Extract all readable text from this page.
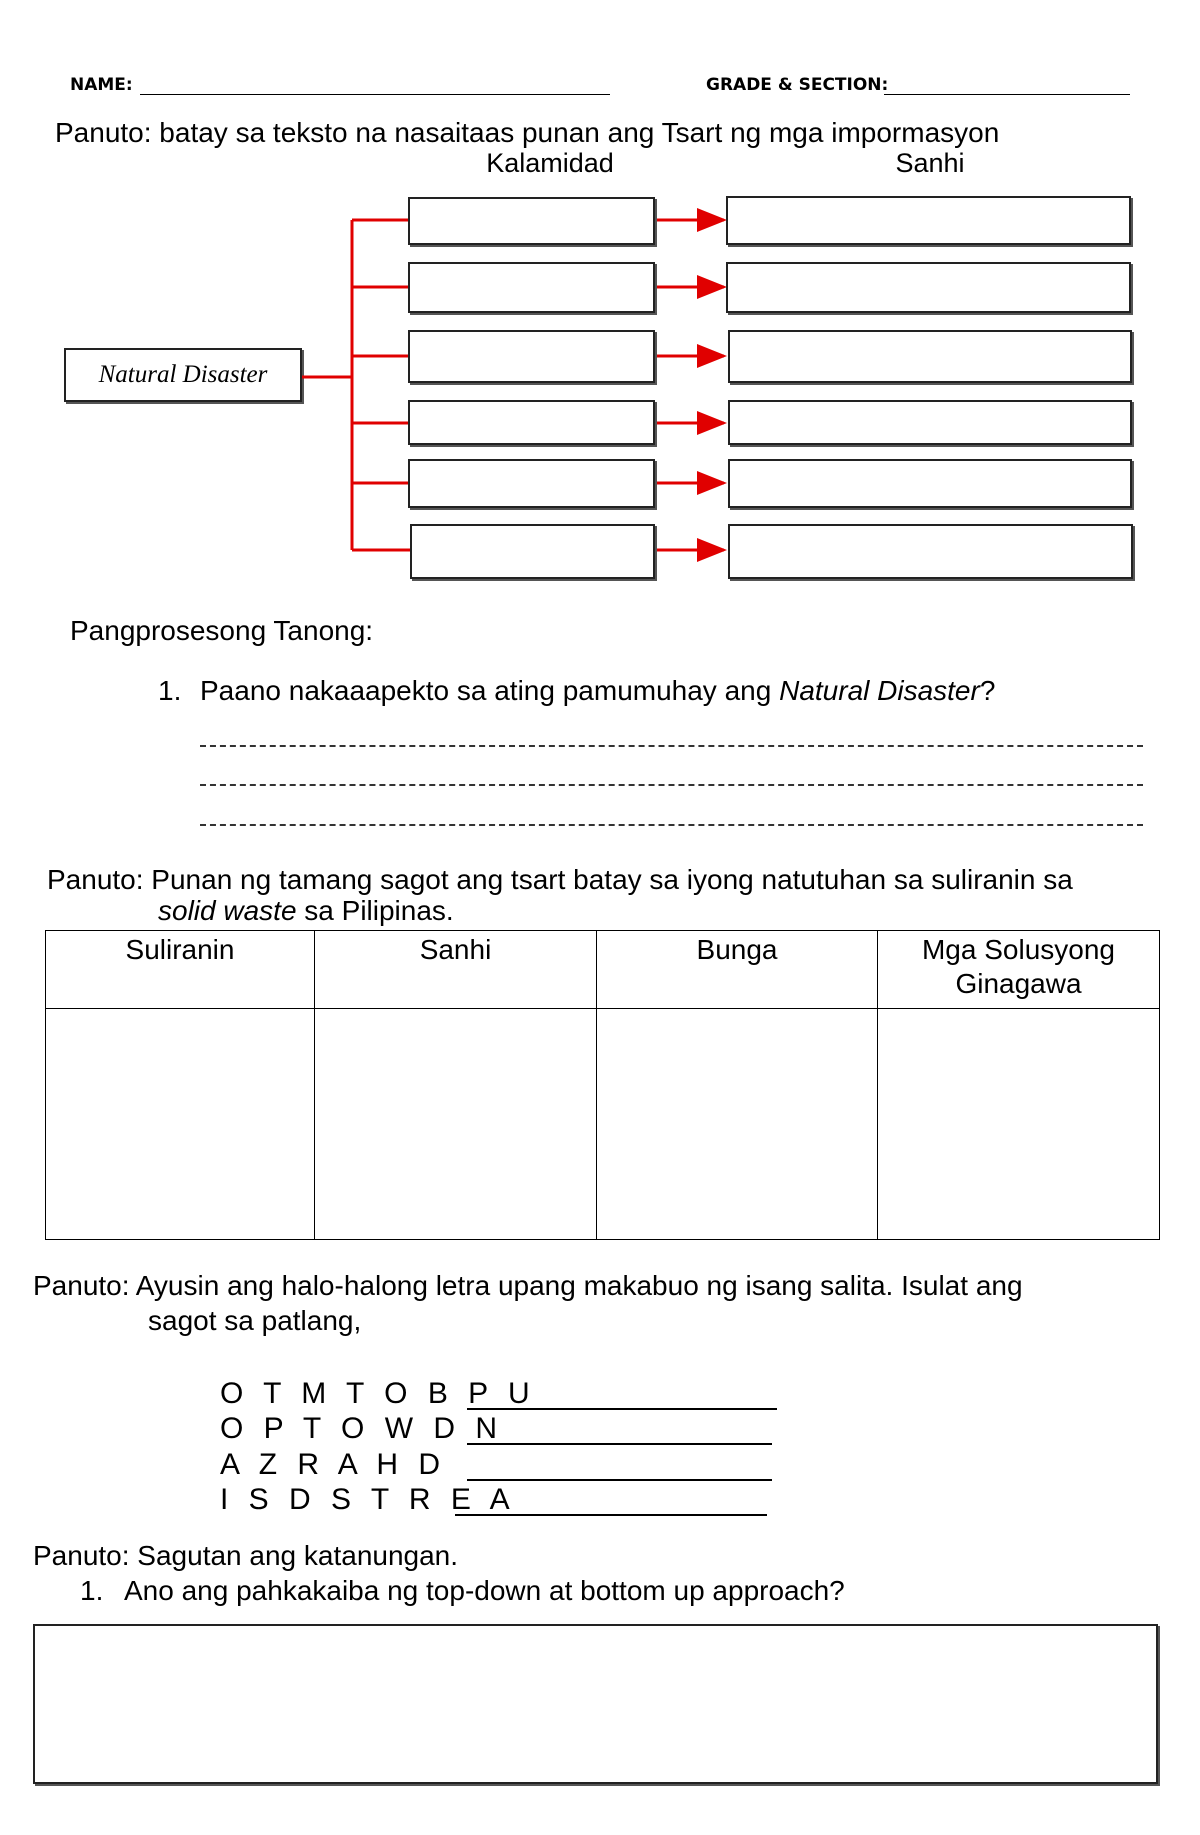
NAME:	GRADE & SECTION:
Panuto: batay sa teksto na nasaitaas punan ang Tsart ng mga impormasyon
Kalamidad	Sanhi
Natural Disaster
Pangprosesong Tanong:
1. Paano nakaaapekto sa ating pamumuhay ang Natural Disaster?
Panuto: Punan ng tamang sagot ang tsart batay sa iyong natutuhan sa suliranin sa
solid waste sa Pilipinas.
Suliranin	Sanhi	Bunga	Mga Solusyong Ginagawa

Panuto: Ayusin ang halo-halong letra upang makabuo ng isang salita. Isulat ang
sagot sa patlang,
O T M T O B P U
O P T O W D N
A Z R A H D
I S D S T R E A
Panuto: Sagutan ang katanungan.
1. Ano ang pahkakaiba ng top-down at bottom up approach?
